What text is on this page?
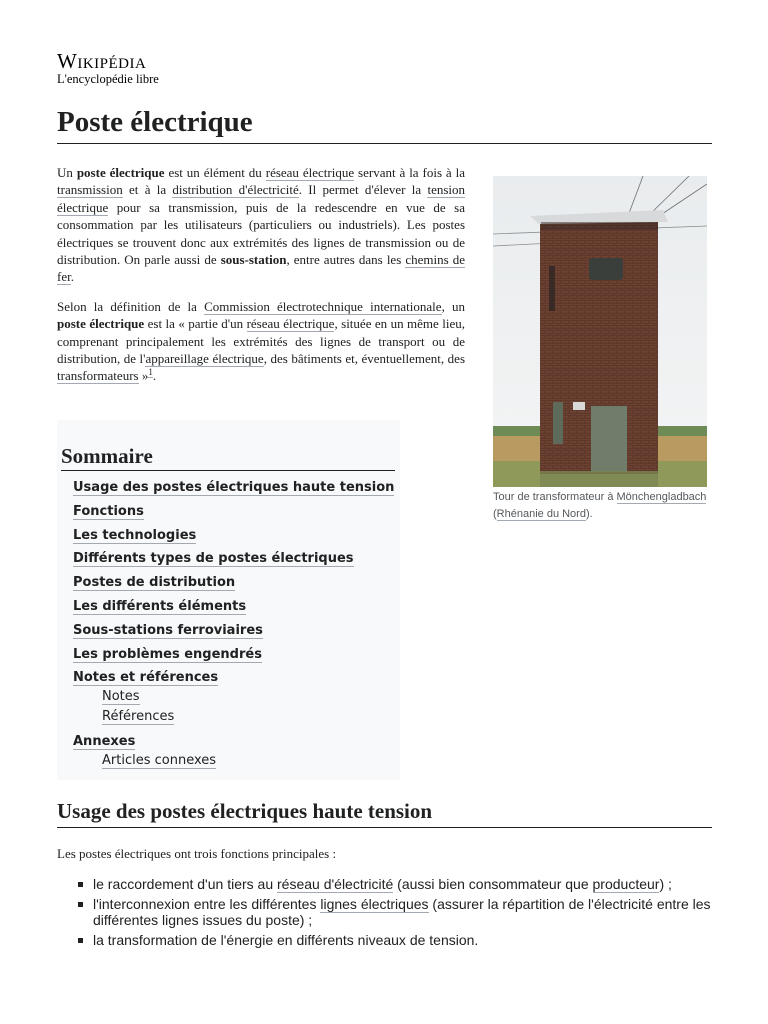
Wikipédia
L'encyclopédie libre
Poste électrique

Un poste électrique est un élément du réseau électrique servant à la fois à la transmission et à la distribution d'électricité. Il permet d'élever la tension électrique pour sa transmission, puis de la redescendre en vue de sa consommation par les utilisateurs (particuliers ou industriels). Les postes électriques se trouvent donc aux extrémités des lignes de transmission ou de distribution. On parle aussi de sous-station, entre autres dans les chemins de fer.

Selon la définition de la Commission électrotechnique internationale, un poste électrique est la « partie d'un réseau électrique, située en un même lieu, comprenant principalement les extrémités des lignes de transport ou de distribution, de l'appareillage électrique, des bâtiments et, éventuellement, des transformateurs »$^1$.

Tour de transformateur à Mönchengladbach (Rhénanie du Nord).
Sommaire
Usage des postes électriques haute tension
Fonctions
Les technologies
Différents types de postes électriques
Postes de distribution
Les différents éléments
Sous-stations ferroviaires
Les problèmes engendrés
Notes et références
Notes
Références
Annexes
Articles connexes
Usage des postes électriques haute tension

Les postes électriques ont trois fonctions principales :

le raccordement d'un tiers au réseau d'électricité (aussi bien consommateur que producteur) ;
l'interconnexion entre les différentes lignes électriques (assurer la répartition de l'électricité entre les différentes lignes issues du poste) ;
la transformation de l'énergie en différents niveaux de tension.
